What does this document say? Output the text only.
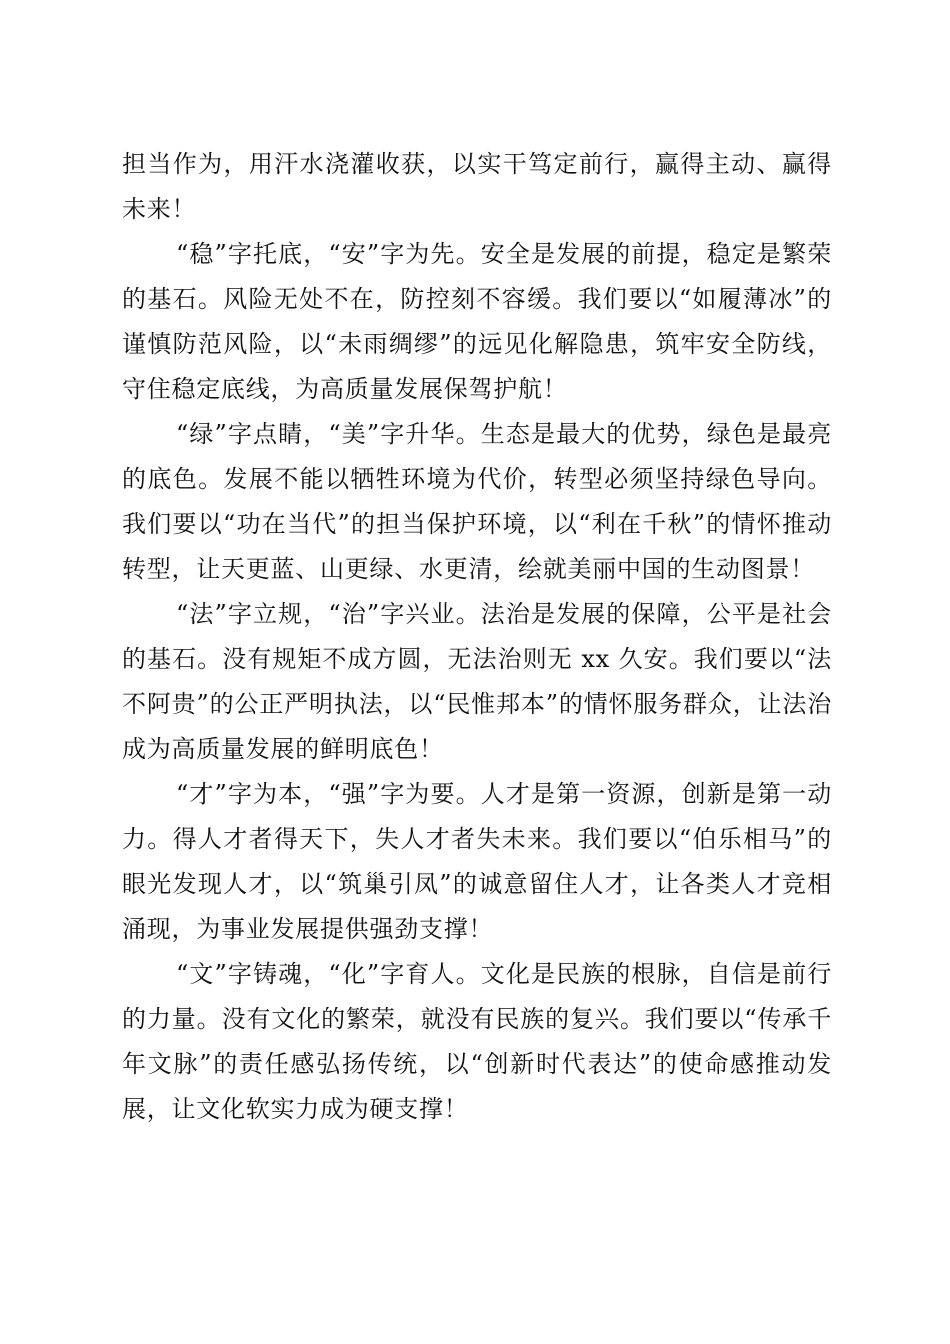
担当作为，用汗水浇灌收获，以实干笃定前行，赢得主动、赢得未来！

“稳”字托底，“安”字为先。安全是发展的前提，稳定是繁荣的基石。风险无处不在，防控刻不容缓。我们要以“如履薄冰”的谨慎防范风险，以“未雨绸缪”的远见化解隐患，筑牢安全防线，守住稳定底线，为高质量发展保驾护航！

“绿”字点睛，“美”字升华。生态是最大的优势，绿色是最亮的底色。发展不能以牺牲环境为代价，转型必须坚持绿色导向。我们要以“功在当代”的担当保护环境，以“利在千秋”的情怀推动转型，让天更蓝、山更绿、水更清，绘就美丽中国的生动图景！

“法”字立规，“治”字兴业。法治是发展的保障，公平是社会的基石。没有规矩不成方圆，无法治则无 xx 久安。我们要以“法不阿贵”的公正严明执法，以“民惟邦本”的情怀服务群众，让法治成为高质量发展的鲜明底色！

“才”字为本，“强”字为要。人才是第一资源，创新是第一动力。得人才者得天下，失人才者失未来。我们要以“伯乐相马”的眼光发现人才，以“筑巢引凤”的诚意留住人才，让各类人才竞相涌现，为事业发展提供强劲支撑！

“文”字铸魂，“化”字育人。文化是民族的根脉，自信是前行的力量。没有文化的繁荣，就没有民族的复兴。我们要以“传承千年文脉”的责任感弘扬传统，以“创新时代表达”的使命感推动发展，让文化软实力成为硬支撑！
